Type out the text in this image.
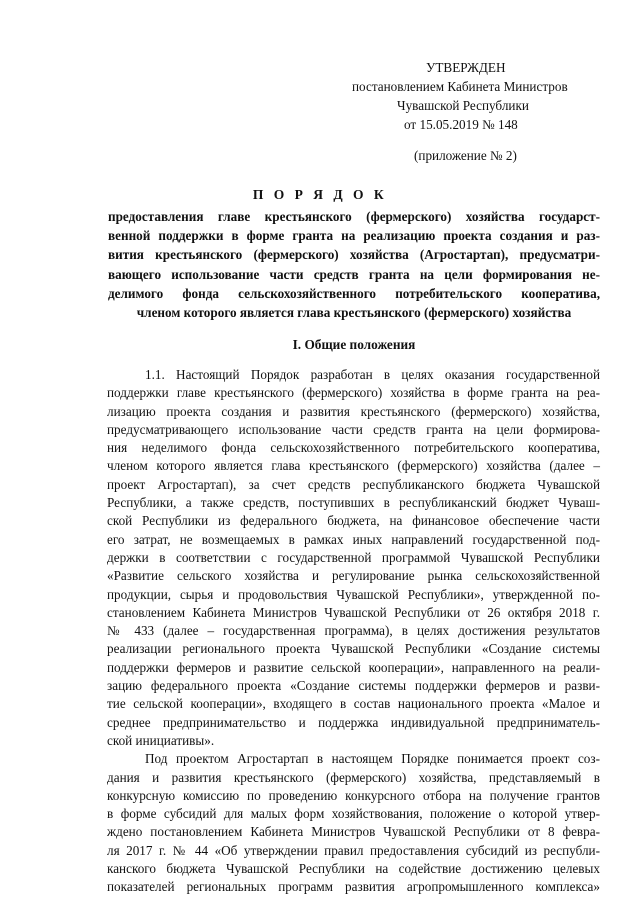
УТВЕРЖДЕН
постановлением Кабинета Министров
Чувашской Республики
от 15.05.2019 № 148
(приложение № 2)
П О Р Я Д О К
предоставления главе крестьянского (фермерского) хозяйства государст-
венной поддержки в форме гранта на реализацию проекта создания и раз-
вития крестьянского (фермерского) хозяйства (Агростартап), предусматри-
вающего использование части средств гранта на цели формирования не-
делимого фонда сельскохозяйственного потребительского кооператива,
членом которого является глава крестьянского (фермерского) хозяйства
I. Общие положения
1.1. Настоящий Порядок разработан в целях оказания государственной
поддержки главе крестьянского (фермерского) хозяйства в форме гранта на реа-
лизацию проекта создания и развития крестьянского (фермерского) хозяйства,
предусматривающего использование части средств гранта на цели формирова-
ния неделимого фонда сельскохозяйственного потребительского кооператива,
членом которого является глава крестьянского (фермерского) хозяйства (далее –
проект Агростартап), за счет средств республиканского бюджета Чувашской
Республики, а также средств, поступивших в республиканский бюджет Чуваш-
ской Республики из федерального бюджета, на финансовое обеспечение части
его затрат, не возмещаемых в рамках иных направлений государственной под-
держки в соответствии с государственной программой Чувашской Республики
«Развитие сельского хозяйства и регулирование рынка сельскохозяйственной
продукции, сырья и продовольствия Чувашской Республики», утвержденной по-
становлением Кабинета Министров Чувашской Республики от 26 октября 2018 г.
№ 433 (далее – государственная программа), в целях достижения результатов
реализации регионального проекта Чувашской Республики «Создание системы
поддержки фермеров и развитие сельской кооперации», направленного на реали-
зацию федерального проекта «Создание системы поддержки фермеров и разви-
тие сельской кооперации», входящего в состав национального проекта «Малое и
среднее предпринимательство и поддержка индивидуальной предприниматель-
ской инициативы».
Под проектом Агростартап в настоящем Порядке понимается проект соз-
дания и развития крестьянского (фермерского) хозяйства, представляемый в
конкурсную комиссию по проведению конкурсного отбора на получение грантов
в форме субсидий для малых форм хозяйствования, положение о которой утвер-
ждено постановлением Кабинета Министров Чувашской Республики от 8 февра-
ля 2017 г. № 44 «Об утверждении правил предоставления субсидий из республи-
канского бюджета Чувашской Республики на содействие достижению целевых
показателей региональных программ развития агропромышленного комплекса»
